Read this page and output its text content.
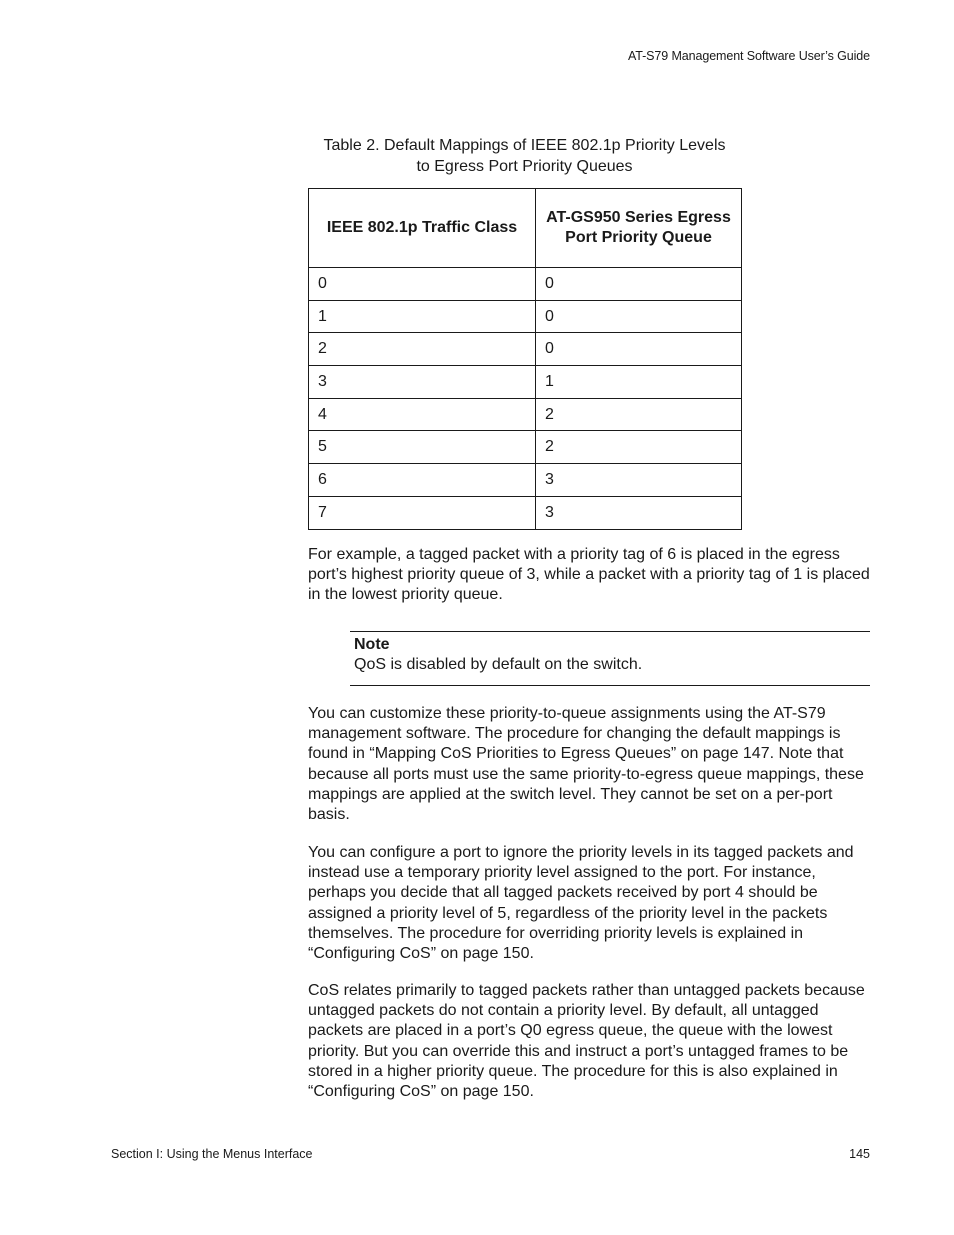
AT-S79 Management Software User’s Guide
Table 2. Default Mappings of IEEE 802.1p Priority Levels
to Egress Port Priority Queues
IEEE 802.1p Traffic Class	AT-GS950 Series Egress Port Priority Queue
0	0
1	0
2	0
3	1
4	2
5	2
6	3
7	3

For example, a tagged packet with a priority tag of 6 is placed in the egress port’s highest priority queue of 3, while a packet with a priority tag of 1 is placed in the lowest priority queue.

Note
QoS is disabled by default on the switch.

You can customize these priority-to-queue assignments using the AT-S79 management software. The procedure for changing the default mappings is found in “Mapping CoS Priorities to Egress Queues” on page 147. Note that because all ports must use the same priority-to-egress queue mappings, these mappings are applied at the switch level. They cannot be set on a per-port basis.

You can configure a port to ignore the priority levels in its tagged packets and instead use a temporary priority level assigned to the port. For instance, perhaps you decide that all tagged packets received by port 4 should be assigned a priority level of 5, regardless of the priority level in the packets themselves. The procedure for overriding priority levels is explained in “Configuring CoS” on page 150.

CoS relates primarily to tagged packets rather than untagged packets because untagged packets do not contain a priority level. By default, all untagged packets are placed in a port’s Q0 egress queue, the queue with the lowest priority. But you can override this and instruct a port’s untagged frames to be stored in a higher priority queue. The procedure for this is also explained in “Configuring CoS” on page 150.

Section I: Using the Menus Interface	145
